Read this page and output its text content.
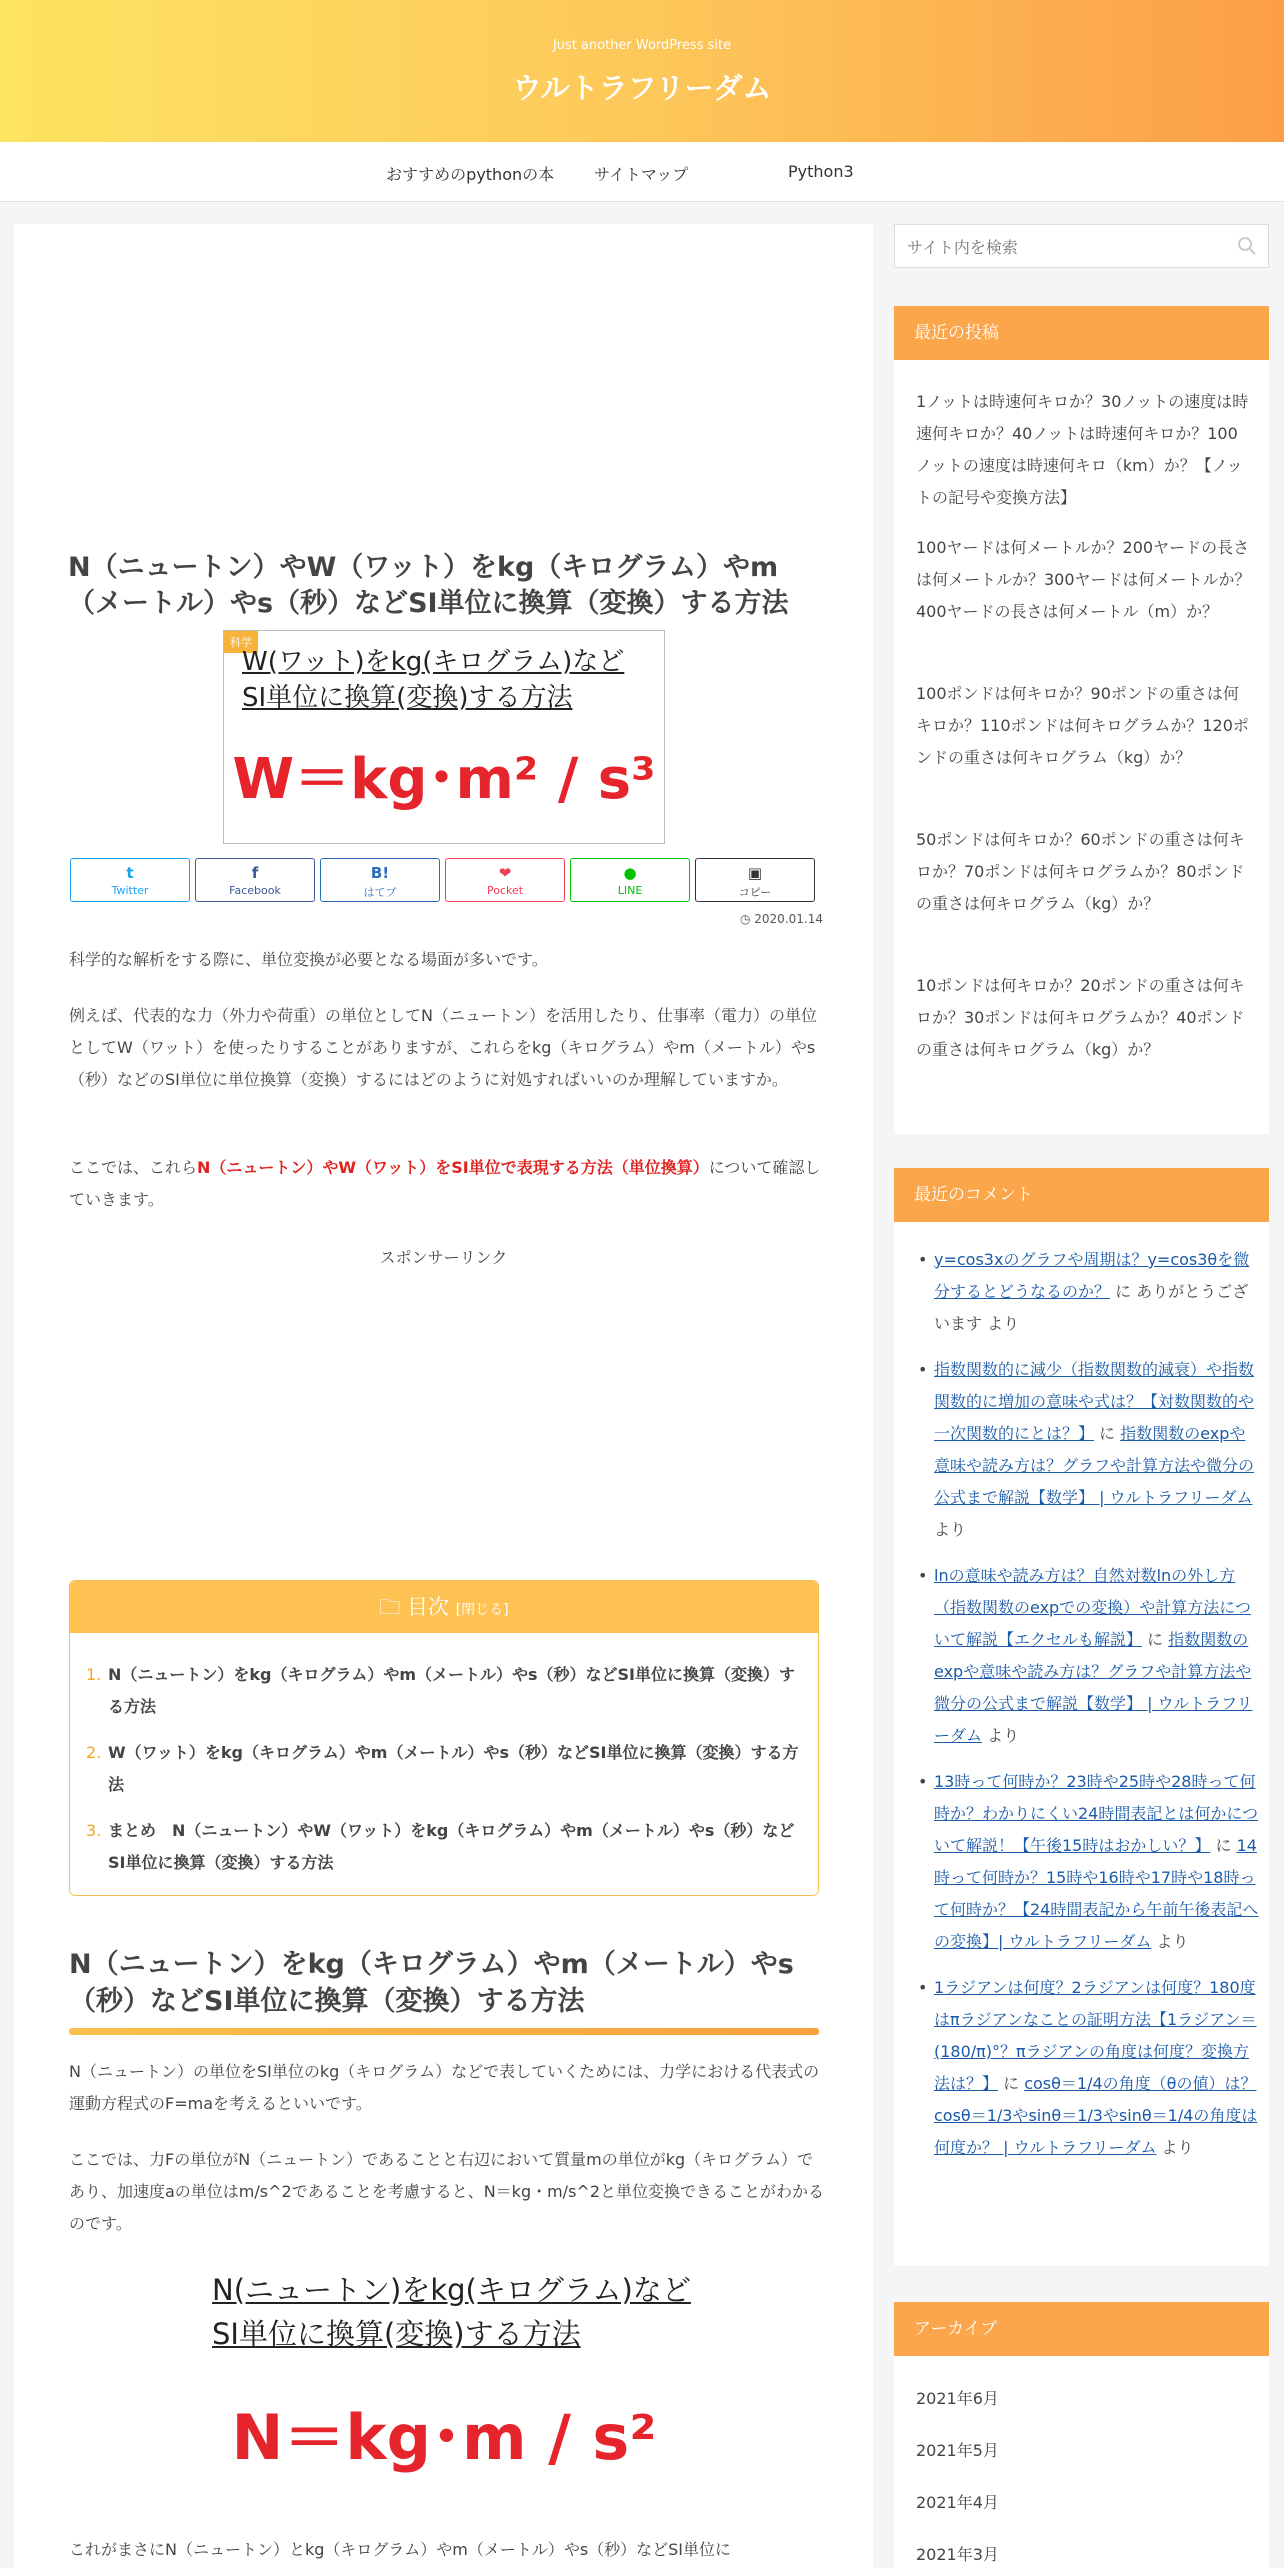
Just another WordPress site
ウルトラフリーダム
おすすめのpythonの本 サイトマップ	Python3
N（ニュートン）やW（ワット）をkg（キログラム）やm（メートル）やs（秒）などSI単位に換算（変換）する方法
科学
W(ワット)をkg(キログラム)など
SI単位に換算(変換)する方法
W＝kg･m² / s³
t
Twitter
f
Facebook
B!
はてブ
❤
Pocket
●
LINE
▣
コピー
◷ 2020.01.14
科学的な解析をする際に、単位変換が必要となる場面が多いです。
例えば、代表的な力（外力や荷重）の単位としてN（ニュートン）を活用したり、仕事率（電力）の単位としてW（ワット）を使ったりすることがありますが、これらをkg（キログラム）やm（メートル）やs（秒）などのSI単位に単位換算（変換）するにはどのように対処すればいいのか理解していますか。
ここでは、これらN（ニュートン）やW（ワット）をSI単位で表現する方法（単位換算）について確認していきます。
スポンサーリンク
🗀 目次 [閉じる]
1. N（ニュートン）をkg（キログラム）やm（メートル）やs（秒）などSI単位に換算（変換）する方法
2. W（ワット）をkg（キログラム）やm（メートル）やs（秒）などSI単位に換算（変換）する方法
3. まとめ　N（ニュートン）やW（ワット）をkg（キログラム）やm（メートル）やs（秒）などSI単位に換算（変換）する方法
N（ニュートン）をkg（キログラム）やm（メートル）やs（秒）などSI単位に換算（変換）する方法
N（ニュートン）の単位をSI単位のkg（キログラム）などで表していくためには、力学における代表式の運動方程式のF=maを考えるといいです。
ここでは、力Fの単位がN（ニュートン）であることと右辺において質量mの単位がkg（キログラム）であり、加速度aの単位はm/s^2であることを考慮すると、N＝kg・m/s^2と単位変換できることがわかるのです。
N(ニュートン)をkg(キログラム)など
SI単位に換算(変換)する方法
N＝kg･m / s²
これがまさにN（ニュートン）とkg（キログラム）やm（メートル）やs（秒）などSI単位に
サイト内を検索
最近の投稿
1ノットは時速何キロか？30ノットの速度は時速何キロか？40ノットは時速何キロか？100ノットの速度は時速何キロ（km）か？【ノットの記号や変換方法】
100ヤードは何メートルか？200ヤードの長さは何メートルか？300ヤードは何メートルか？400ヤードの長さは何メートル（m）か？
100ポンドは何キロか？90ポンドの重さは何キロか？110ポンドは何キログラムか？120ポンドの重さは何キログラム（kg）か？
50ポンドは何キロか？60ポンドの重さは何キロか？70ポンドは何キログラムか？80ポンドの重さは何キログラム（kg）か？
10ポンドは何キロか？20ポンドの重さは何キロか？30ポンドは何キログラムか？40ポンドの重さは何キログラム（kg）か？
最近のコメント
• y=cos3xのグラフや周期は？y=cos3θを微分するとどうなるのか？ に ありがとうございます より
• 指数関数的に減少（指数関数的減衰）や指数関数的に増加の意味や式は？【対数関数的や一次関数的にとは？】 に 指数関数のexpや意味や読み方は？グラフや計算方法や微分の公式まで解説【数学】 | ウルトラフリーダム より
• lnの意味や読み方は？自然対数lnの外し方（指数関数のexpでの変換）や計算方法について解説【エクセルも解説】 に 指数関数のexpや意味や読み方は？グラフや計算方法や微分の公式まで解説【数学】 | ウルトラフリーダム より
• 13時って何時か？23時や25時や28時って何時か？わかりにくい24時間表記とは何かについて解説！【午後15時はおかしい？】 に 14時って何時か？15時や16時や17時や18時って何時か？【24時間表記から午前午後表記への変換】| ウルトラフリーダム より
• 1ラジアンは何度？2ラジアンは何度？180度はπラジアンなことの証明方法【1ラジアン＝(180/π)°？πラジアンの角度は何度？変換方法は？】 に cosθ＝1/4の角度（θの値）は？cosθ＝1/3やsinθ＝1/3やsinθ＝1/4の角度は何度か？ | ウルトラフリーダム より
アーカイブ
2021年6月
2021年5月
2021年4月
2021年3月
